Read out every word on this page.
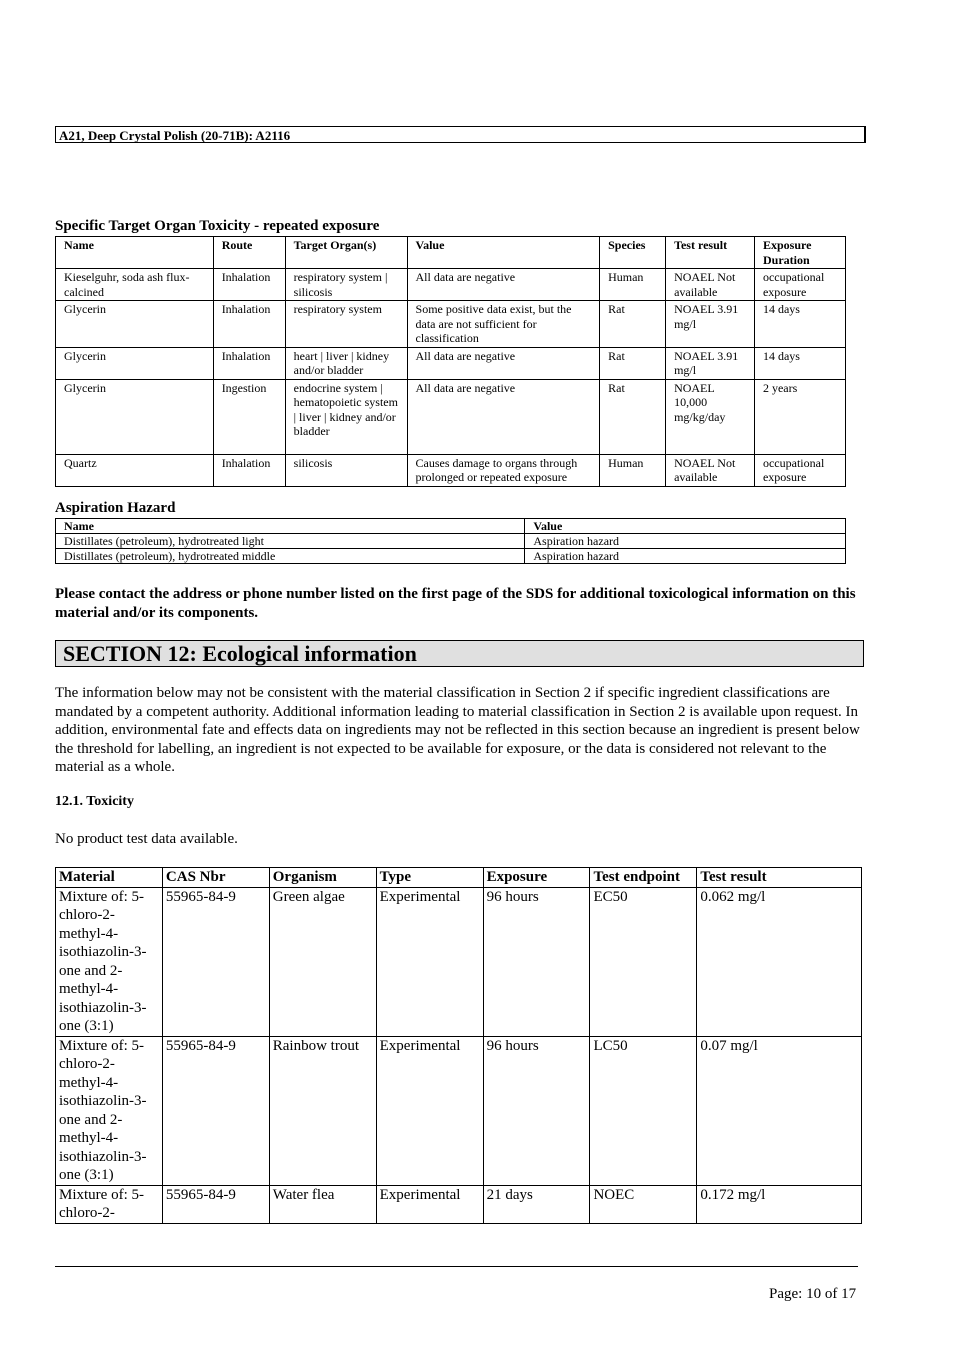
A21, Deep Crystal Polish (20-71B): A2116
Specific Target Organ Toxicity - repeated exposure
Name	Route	Target Organ(s)	Value	Species	Test result	Exposure Duration
Kieselguhr, soda ash flux-calcined	Inhalation	respiratory system | silicosis	All data are negative	Human	NOAEL Not available	occupational exposure
Glycerin	Inhalation	respiratory system	Some positive data exist, but the data are not sufficient for classification	Rat	NOAEL 3.91 mg/l	14 days
Glycerin	Inhalation	heart | liver | kidney and/or bladder	All data are negative	Rat	NOAEL 3.91 mg/l	14 days
Glycerin	Ingestion	endocrine system | hematopoietic system | liver | kidney and/or bladder	All data are negative	Rat	NOAEL 10,000 mg/kg/day	2 years
Quartz	Inhalation	silicosis	Causes damage to organs through prolonged or repeated exposure	Human	NOAEL Not available	occupational exposure
Aspiration Hazard
Name	Value
Distillates (petroleum), hydrotreated light	Aspiration hazard
Distillates (petroleum), hydrotreated middle	Aspiration hazard
Please contact the address or phone number listed on the first page of the SDS for additional toxicological information on this material and/or its components.
SECTION 12: Ecological information
The information below may not be consistent with the material classification in Section 2 if specific ingredient classifications are mandated by a competent authority. Additional information leading to material classification in Section 2 is available upon request. In addition, environmental fate and effects data on ingredients may not be reflected in this section because an ingredient is present below the threshold for labelling, an ingredient is not expected to be available for exposure, or the data is considered not relevant to the material as a whole.
12.1. Toxicity
No product test data available.
Material	CAS Nbr	Organism	Type	Exposure	Test endpoint	Test result
Mixture of: 5-chloro-2-methyl-4-isothiazolin-3-one and 2-methyl-4-isothiazolin-3-one (3:1)	55965-84-9	Green algae	Experimental	96 hours	EC50	0.062 mg/l
Mixture of: 5-chloro-2-methyl-4-isothiazolin-3-one and 2-methyl-4-isothiazolin-3-one (3:1)	55965-84-9	Rainbow trout	Experimental	96 hours	LC50	0.07 mg/l
Mixture of: 5-chloro-2-	55965-84-9	Water flea	Experimental	21 days	NOEC	0.172 mg/l
Page: 10 of 17
